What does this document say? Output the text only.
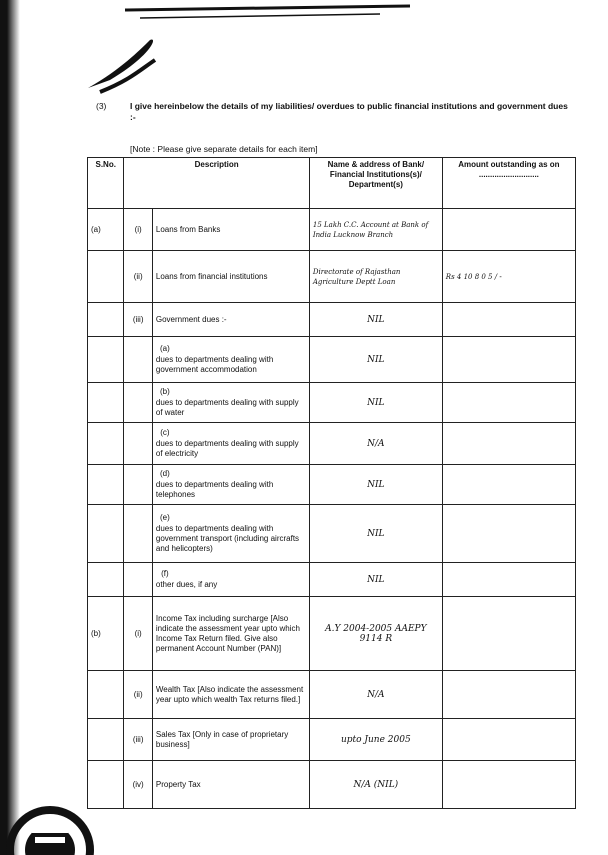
(3)	I give hereinbelow the details of my liabilities/ overdues to public financial institutions and government dues :-
[Note : Please give separate details for each item]
S.No.	Description		Name & address of Bank/ Financial Institutions(s)/ Department(s)	Amount outstanding as on ...........................
(a)	(i)	Loans from Banks	15 Lakh C.C. Account at Bank of India Lucknow Branch	
	(ii)	Loans from financial institutions	Directorate of Rajasthan Agriculture Deptt Loan	Rs 4 10 8 0 5 / -
	(iii)	Government dues :-	NIL	

		(a)dues to departments dealing with government accommodation	NIL	

		(b)dues to departments dealing with supply of water	NIL	

		(c)dues to departments dealing with supply of electricity	N/A	

		(d)dues to departments dealing with telephones	NIL	

		(e)dues to departments dealing with government transport (including aircrafts and helicopters)	NIL	

		(f)other dues, if any	NIL	

(b)	(i)	Income Tax including surcharge [Also indicate the assessment year upto which Income Tax Return filed. Give also permanent Account Number (PAN)]	A.Y 2004-2005 AAEPY 9114 R	

	(ii)	Wealth Tax [Also indicate the assessment year upto which wealth Tax returns filed.]	N/A	

	(iii)	Sales Tax [Only in case of proprietary business]	upto June 2005	

	(iv)	Property Tax	N/A (NIL)	
